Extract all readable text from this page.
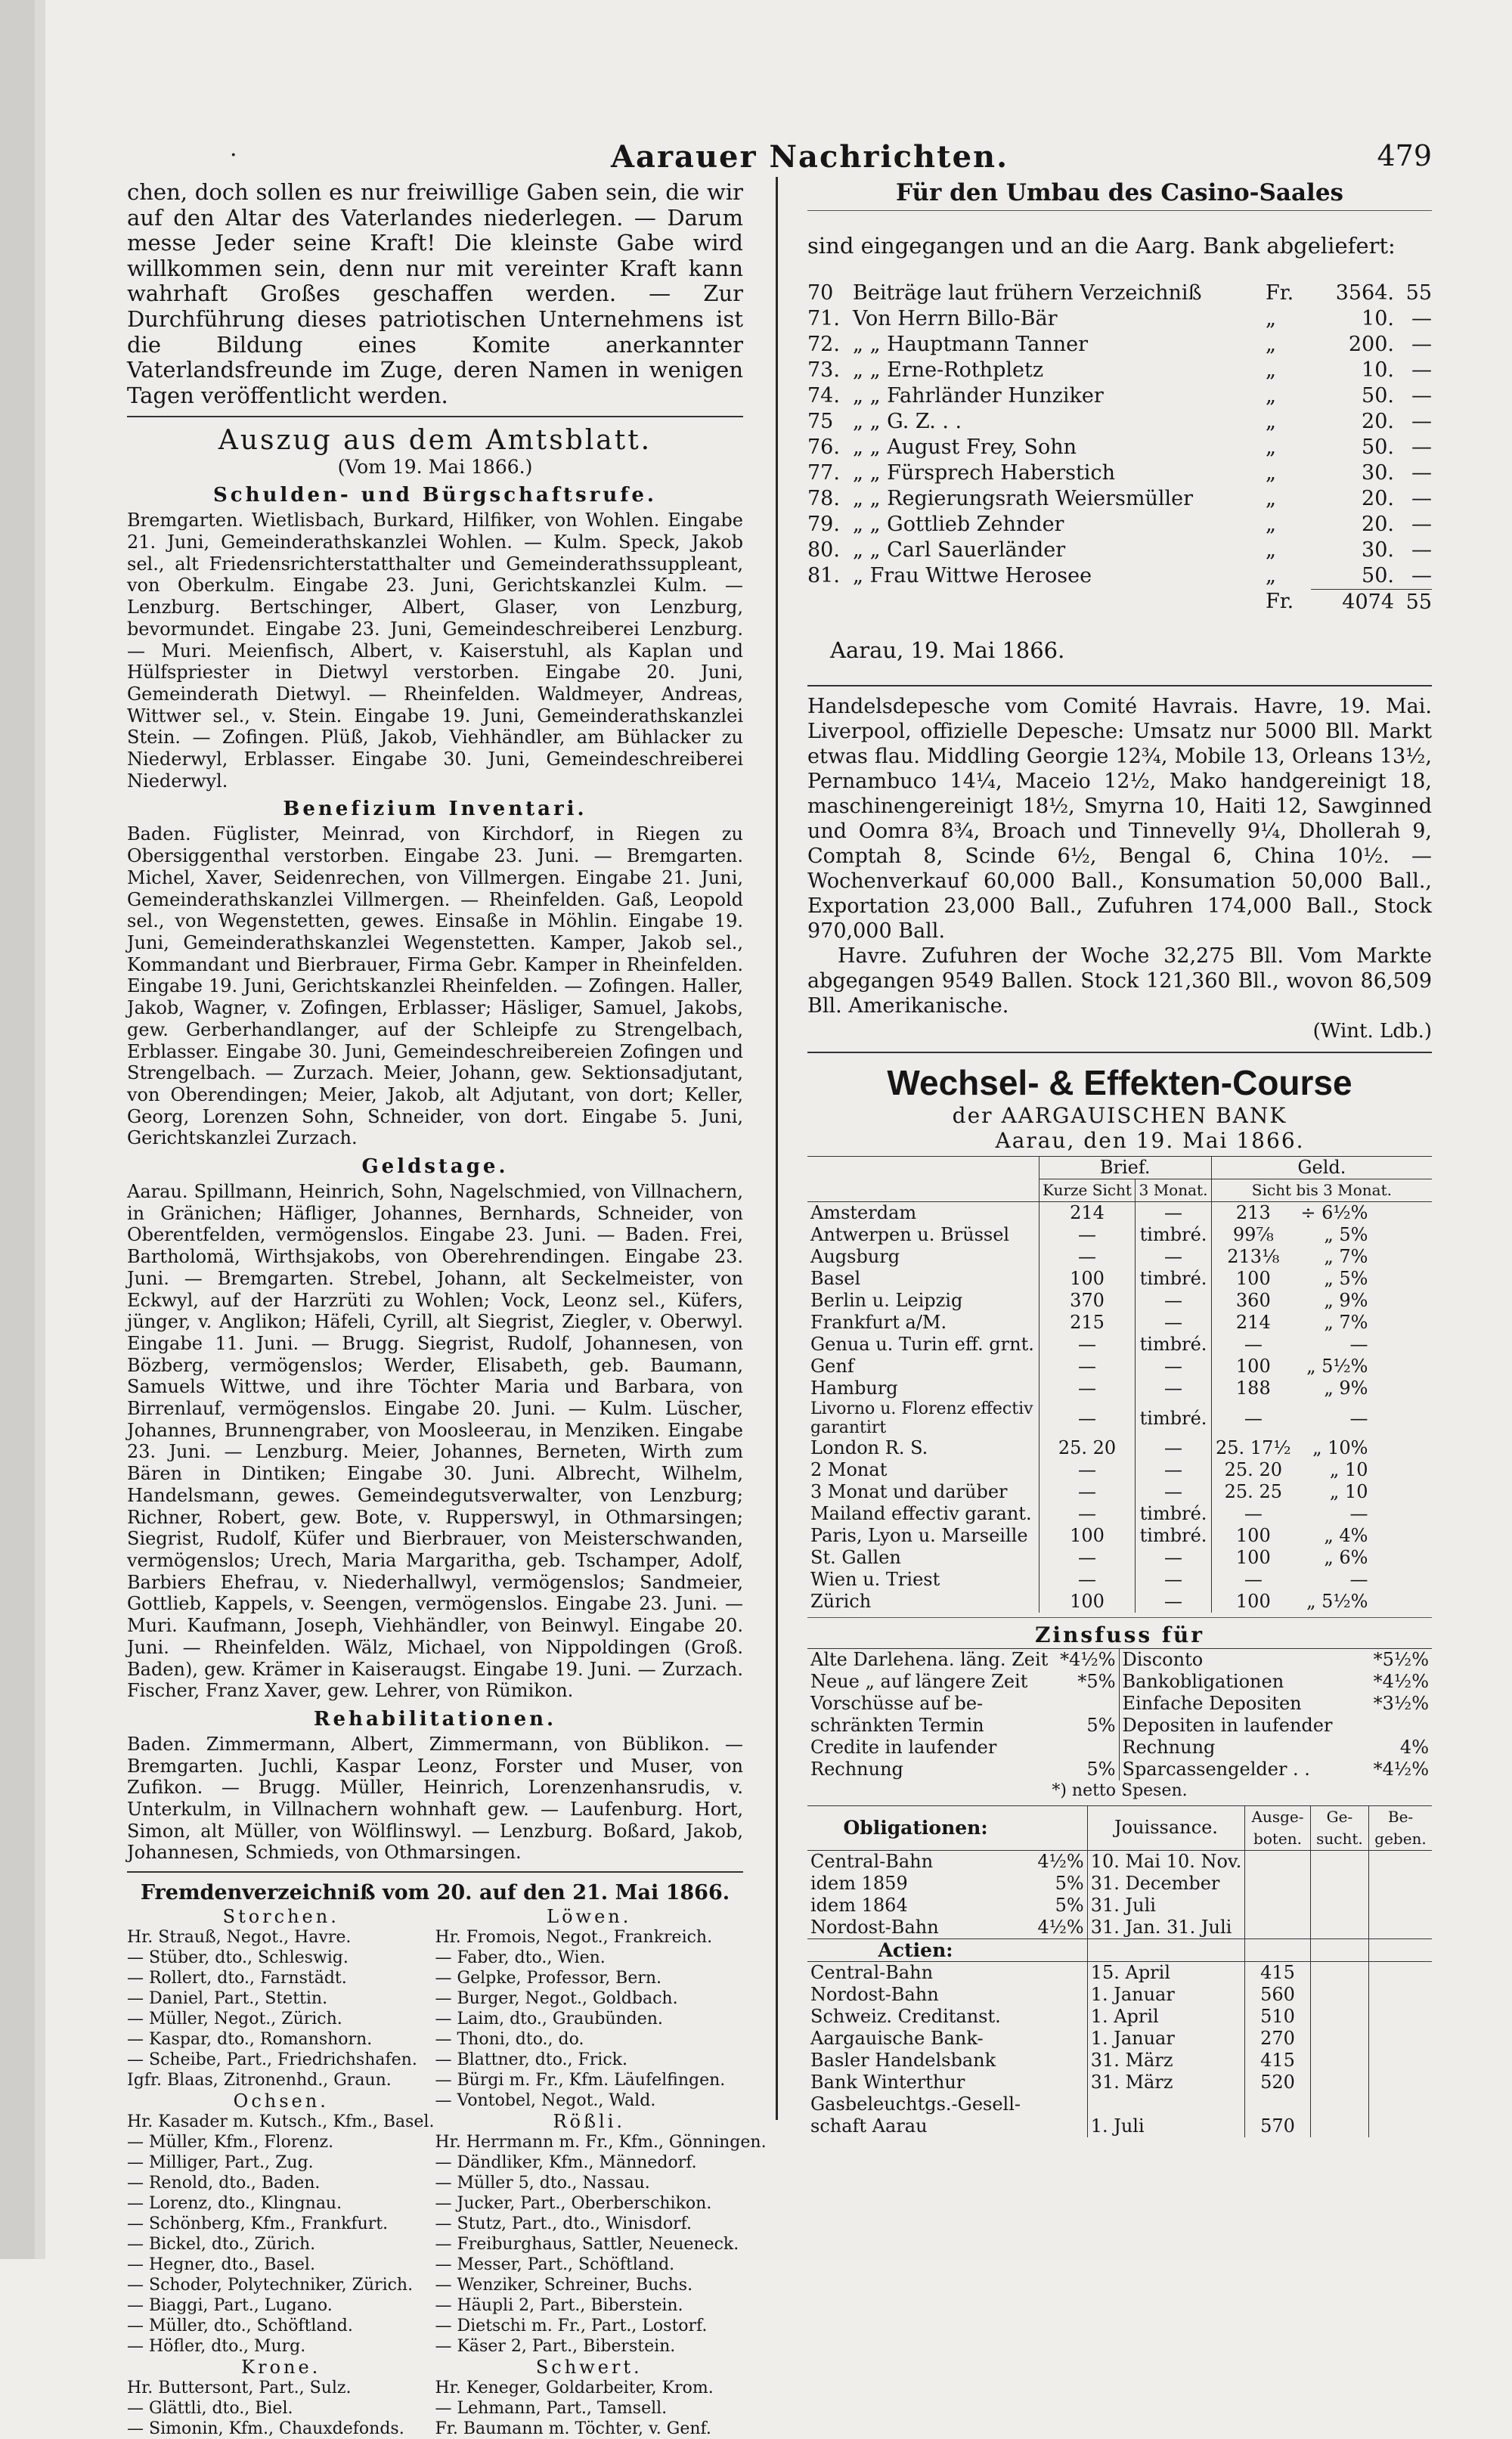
·	Aarauer Nachrichten.	479

chen, doch sollen es nur freiwillige Gaben sein, die wir auf den Altar des Vaterlandes niederlegen. — Darum messe Jeder seine Kraft! Die kleinste Gabe wird willkommen sein, denn nur mit vereinter Kraft kann wahrhaft Großes geschaffen werden. — Zur Durchführung dieses patriotischen Unternehmens ist die Bildung eines Komite anerkannter Vaterlandsfreunde im Zuge, deren Namen in wenigen Tagen veröffentlicht werden.

Auszug aus dem Amtsblatt.

(Vom 19. Mai 1866.)

Schulden- und Bürgschaftsrufe.

Bremgarten. Wietlisbach, Burkard, Hilfiker, von Wohlen. Eingabe 21. Juni, Gemeinderathskanzlei Wohlen. — Kulm. Speck, Jakob sel., alt Friedensrichterstatthalter und Gemeinderathssuppleant, von Oberkulm. Eingabe 23. Juni, Gerichtskanzlei Kulm. — Lenzburg. Bertschinger, Albert, Glaser, von Lenzburg, bevormundet. Eingabe 23. Juni, Gemeindeschreiberei Lenzburg. — Muri. Meienfisch, Albert, v. Kaiserstuhl, als Kaplan und Hülfspriester in Dietwyl verstorben. Eingabe 20. Juni, Gemeinderath Dietwyl. — Rheinfelden. Waldmeyer, Andreas, Wittwer sel., v. Stein. Eingabe 19. Juni, Gemeinderathskanzlei Stein. — Zofingen. Plüß, Jakob, Viehhändler, am Bühlacker zu Niederwyl, Erblasser. Eingabe 30. Juni, Gemeindeschreiberei Niederwyl.

Benefizium Inventari.

Baden. Füglister, Meinrad, von Kirchdorf, in Riegen zu Obersiggenthal verstorben. Eingabe 23. Juni. — Bremgarten. Michel, Xaver, Seidenrechen, von Villmergen. Eingabe 21. Juni, Gemeinderathskanzlei Villmergen. — Rheinfelden. Gaß, Leopold sel., von Wegenstetten, gewes. Einsaße in Möhlin. Eingabe 19. Juni, Gemeinderathskanzlei Wegenstetten. Kamper, Jakob sel., Kommandant und Bierbrauer, Firma Gebr. Kamper in Rheinfelden. Eingabe 19. Juni, Gerichtskanzlei Rheinfelden. — Zofingen. Haller, Jakob, Wagner, v. Zofingen, Erblasser; Häsliger, Samuel, Jakobs, gew. Gerberhandlanger, auf der Schleipfe zu Strengelbach, Erblasser. Eingabe 30. Juni, Gemeindeschreibereien Zofingen und Strengelbach. — Zurzach. Meier, Johann, gew. Sektionsadjutant, von Oberendingen; Meier, Jakob, alt Adjutant, von dort; Keller, Georg, Lorenzen Sohn, Schneider, von dort. Eingabe 5. Juni, Gerichtskanzlei Zurzach.

Geldstage.

Aarau. Spillmann, Heinrich, Sohn, Nagelschmied, von Villnachern, in Gränichen; Häfliger, Johannes, Bernhards, Schneider, von Oberentfelden, vermögenslos. Eingabe 23. Juni. — Baden. Frei, Bartholomä, Wirthsjakobs, von Oberehrendingen. Eingabe 23. Juni. — Bremgarten. Strebel, Johann, alt Seckelmeister, von Eckwyl, auf der Harzrüti zu Wohlen; Vock, Leonz sel., Küfers, jünger, v. Anglikon; Häfeli, Cyrill, alt Siegrist, Ziegler, v. Oberwyl. Eingabe 11. Juni. — Brugg. Siegrist, Rudolf, Johannesen, von Bözberg, vermögenslos; Werder, Elisabeth, geb. Baumann, Samuels Wittwe, und ihre Töchter Maria und Barbara, von Birrenlauf, vermögenslos. Eingabe 20. Juni. — Kulm. Lüscher, Johannes, Brunnengraber, von Moosleerau, in Menziken. Eingabe 23. Juni. — Lenzburg. Meier, Johannes, Berneten, Wirth zum Bären in Dintiken; Eingabe 30. Juni. Albrecht, Wilhelm, Handelsmann, gewes. Gemeindegutsverwalter, von Lenzburg; Richner, Robert, gew. Bote, v. Rupperswyl, in Othmarsingen; Siegrist, Rudolf, Küfer und Bierbrauer, von Meisterschwanden, vermögenslos; Urech, Maria Margaritha, geb. Tschamper, Adolf, Barbiers Ehefrau, v. Niederhallwyl, vermögenslos; Sandmeier, Gottlieb, Kappels, v. Seengen, vermögenslos. Eingabe 23. Juni. — Muri. Kaufmann, Joseph, Viehhändler, von Beinwyl. Eingabe 20. Juni. — Rheinfelden. Wälz, Michael, von Nippoldingen (Groß. Baden), gew. Krämer in Kaiseraugst. Eingabe 19. Juni. — Zurzach. Fischer, Franz Xaver, gew. Lehrer, von Rümikon.

Rehabilitationen.

Baden. Zimmermann, Albert, Zimmermann, von Büblikon. — Bremgarten. Juchli, Kaspar Leonz, Forster und Muser, von Zufikon. — Brugg. Müller, Heinrich, Lorenzenhansrudis, v. Unterkulm, in Villnachern wohnhaft gew. — Laufenburg. Hort, Simon, alt Müller, von Wölflinswyl. — Lenzburg. Boßard, Jakob, Johannesen, Schmieds, von Othmarsingen.

Fremdenverzeichniß vom 20. auf den 21. Mai 1866.

Storchen.
Hr. Strauß, Negot., Havre.
— Stüber, dto., Schleswig.
— Rollert, dto., Farnstädt.
— Daniel, Part., Stettin.
— Müller, Negot., Zürich.
— Kaspar, dto., Romanshorn.
— Scheibe, Part., Friedrichshafen.
Igfr. Blaas, Zitronenhd., Graun.
Ochsen.
Hr. Kasader m. Kutsch., Kfm., Basel.
— Müller, Kfm., Florenz.
— Milliger, Part., Zug.
— Renold, dto., Baden.
— Lorenz, dto., Klingnau.
— Schönberg, Kfm., Frankfurt.
— Bickel, dto., Zürich.
— Hegner, dto., Basel.
— Schoder, Polytechniker, Zürich.
— Biaggi, Part., Lugano.
— Müller, dto., Schöftland.
— Höfler, dto., Murg.
Krone.
Hr. Buttersont, Part., Sulz.
— Glättli, dto., Biel.
— Simonin, Kfm., Chauxdefonds.
Löwen.
Hr. Fromois, Negot., Frankreich.
— Faber, dto., Wien.
— Gelpke, Professor, Bern.
— Burger, Negot., Goldbach.
— Laim, dto., Graubünden.
— Thoni, dto., do.
— Blattner, dto., Frick.
— Bürgi m. Fr., Kfm. Läufelfingen.
— Vontobel, Negot., Wald.
Rößli.
Hr. Herrmann m. Fr., Kfm., Gönningen.
— Dändliker, Kfm., Männedorf.
— Müller 5, dto., Nassau.
— Jucker, Part., Oberberschikon.
— Stutz, Part., dto., Winisdorf.
— Freiburghaus, Sattler, Neueneck.
— Messer, Part., Schöftland.
— Wenziker, Schreiner, Buchs.
— Häupli 2, Part., Biberstein.
— Dietschi m. Fr., Part., Lostorf.
— Käser 2, Part., Biberstein.
Schwert.
Hr. Keneger, Goldarbeiter, Krom.
— Lehmann, Part., Tamsell.
Fr. Baumann m. Töchter, v. Genf.

Für den Umbau des Casino-Saales

sind eingegangen und an die Aarg. Bank abgeliefert:

70 Beiträge laut frühern Verzeichniß	Fr.	3564. 55
71. Von Herrn Billo-Bär	„	10. —
72. „ „ Hauptmann Tanner	„	200. —
73. „ „ Erne-Rothpletz	„	10. —
74. „ „ Fahrländer Hunziker	„	50. —
75 „ „ G. Z. . .	„	20. —
76. „ „ August Frey, Sohn	„	50. —
77. „ „ Fürsprech Haberstich	„	30. —
78. „ „ Regierungsrath Weiersmüller	„	20. —
79. „ „ Gottlieb Zehnder	„	20. —
80. „ „ Carl Sauerländer	„	30. —
81. „ Frau Wittwe Herosee	„	50. —
Fr.	4074 55

Aarau, 19. Mai 1866.

Handelsdepesche vom Comité Havrais. Havre, 19. Mai. Liverpool, offizielle Depesche: Umsatz nur 5000 Bll. Markt etwas flau. Middling Georgie 12¾, Mobile 13, Orleans 13½, Pernambuco 14¼, Maceio 12½, Mako handgereinigt 18, maschinengereinigt 18½, Smyrna 10, Haiti 12, Sawginned und Oomra 8¾, Broach und Tinnevelly 9¼, Dhollerah 9, Comptah 8, Scinde 6½, Bengal 6, China 10½. — Wochenverkauf 60,000 Ball., Konsumation 50,000 Ball., Exportation 23,000 Ball., Zufuhren 174,000 Ball., Stock 970,000 Ball.

Havre. Zufuhren der Woche 32,275 Bll. Vom Markte abgegangen 9549 Ballen. Stock 121,360 Bll., wovon 86,509 Bll. Amerikanische.

(Wint. Ldb.)

Wechsel- & Effekten-Course

der AARGAUISCHEN BANK

Aarau, den 19. Mai 1866.

	Brief.		Geld.		
	Kurze Sicht	3 Monat.	Sicht bis 3 Monat.		
Amsterdam	214	—	213	÷ 6½%	
Antwerpen u. Brüssel	—	timbré.	99⅞	„ 5%	
Augsburg	—	—	213⅛	„ 7%	
Basel	100	timbré.	100	„ 5%	
Berlin u. Leipzig	370	—	360	„ 9%	
Frankfurt a/M.	215	—	214	„ 7%	
Genua u. Turin eff. grnt.	—	timbré.	—	—	
Genf	—	—	100	„ 5½%	
Hamburg	—	—	188	„ 9%	
Livorno u. Florenz effectiv garantirt	—	timbré.	—	—	
London R. S.	25. 20	—	25. 17½	„ 10%	
2 Monat	—	—	25. 20	„ 10	
3 Monat und darüber	—	—	25. 25	„ 10	
Mailand effectiv garant.	—	timbré.	—	—	
Paris, Lyon u. Marseille	100	timbré.	100	„ 4%	
St. Gallen	—	—	100	„ 6%	
Wien u. Triest	—	—	—	—	
Zürich	100	—	100	„ 5½%	

Zinsfuss für

Alte Darlehena. läng. Zeit	*4½%	Disconto	*5½%
Neue „ auf längere Zeit	*5%	Bankobligationen	*4½%
Vorschüsse auf be-		Einfache Depositen	*3½%
schränkten Termin	5%	Depositen in laufender	
Credite in laufender		Rechnung	4%
Rechnung	5%	Sparcassengelder . .	*4½%

*) netto Spesen.

Obligationen:		Jouissance.	Ausge-boten.	Ge-sucht.	Be-geben.
Central-Bahn	4½%	10. Mai 10. Nov.			
idem 1859	5%	31. December			
idem 1864	5%	31. Juli			
Nordost-Bahn	4½%	31. Jan. 31. Juli			
Actien:					
Central-Bahn		15. April	415		
Nordost-Bahn		1. Januar	560		
Schweiz. Creditanst.		1. April	510		
Aargauische Bank-		1. Januar	270		
Basler Handelsbank		31. März	415		
Bank Winterthur		31. März	520		
Gasbeleuchtgs.-Gesell-					
schaft Aarau		1. Juli	570		
